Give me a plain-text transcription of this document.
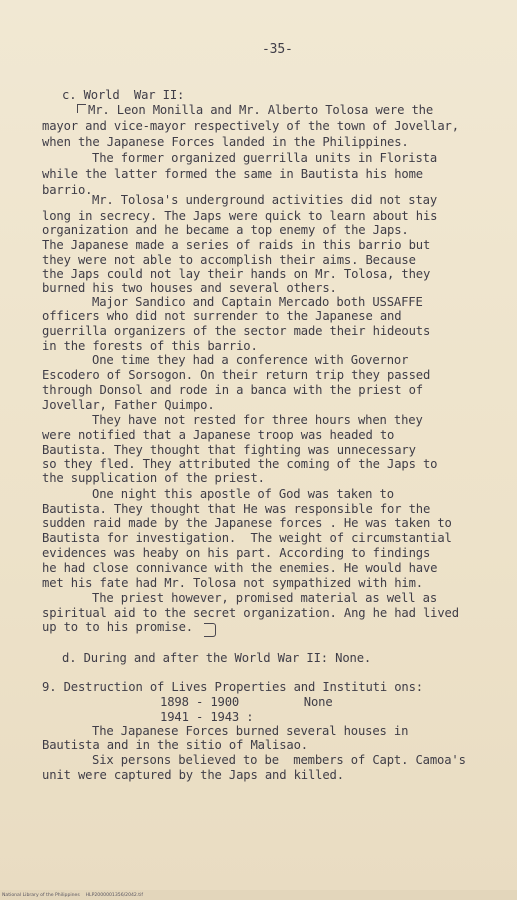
-35-
c. World  War II:
Mr. Leon Monilla and Mr. Alberto Tolosa were the
mayor and vice-mayor respectively of the town of Jovellar,
when the Japanese Forces landed in the Philippines.
The former organized guerrilla units in Florista
while the latter formed the same in Bautista his home
barrio.
Mr. Tolosa's underground activities did not stay
long in secrecy. The Japs were quick to learn about his
organization and he became a top enemy of the Japs.
The Japanese made a series of raids in this barrio but
they were not able to accomplish their aims. Because
the Japs could not lay their hands on Mr. Tolosa, they
burned his two houses and several others.
Major Sandico and Captain Mercado both USSAFFE
officers who did not surrender to the Japanese and
guerrilla organizers of the sector made their hideouts
in the forests of this barrio.
One time they had a conference with Governor
Escodero of Sorsogon. On their return trip they passed
through Donsol and rode in a banca with the priest of
Jovellar, Father Quimpo.
They have not rested for three hours when they
were notified that a Japanese troop was headed to
Bautista. They thought that fighting was unnecessary
so they fled. They attributed the coming of the Japs to
the supplication of the priest.
One night this apostle of God was taken to
Bautista. They thought that He was responsible for the
sudden raid made by the Japanese forces . He was taken to
Bautista for investigation.  The weight of circumstantial
evidences was heaby on his part. According to findings
he had close connivance with the enemies. He would have
met his fate had Mr. Tolosa not sympathized with him.
The priest however, promised material as well as
spiritual aid to the secret organization. Ang he had lived
up to to his promise.
d. During and after the World War II: None.
9. Destruction of Lives Properties and Instituti ons:
1898 - 1900         None
1941 - 1943 :
The Japanese Forces burned several houses in
Bautista and in the sitio of Malisao.
Six persons believed to be  members of Capt. Camoa's
unit were captured by the Japs and killed.
National Library of the Philippines    HLP2000001356/2042.tif
